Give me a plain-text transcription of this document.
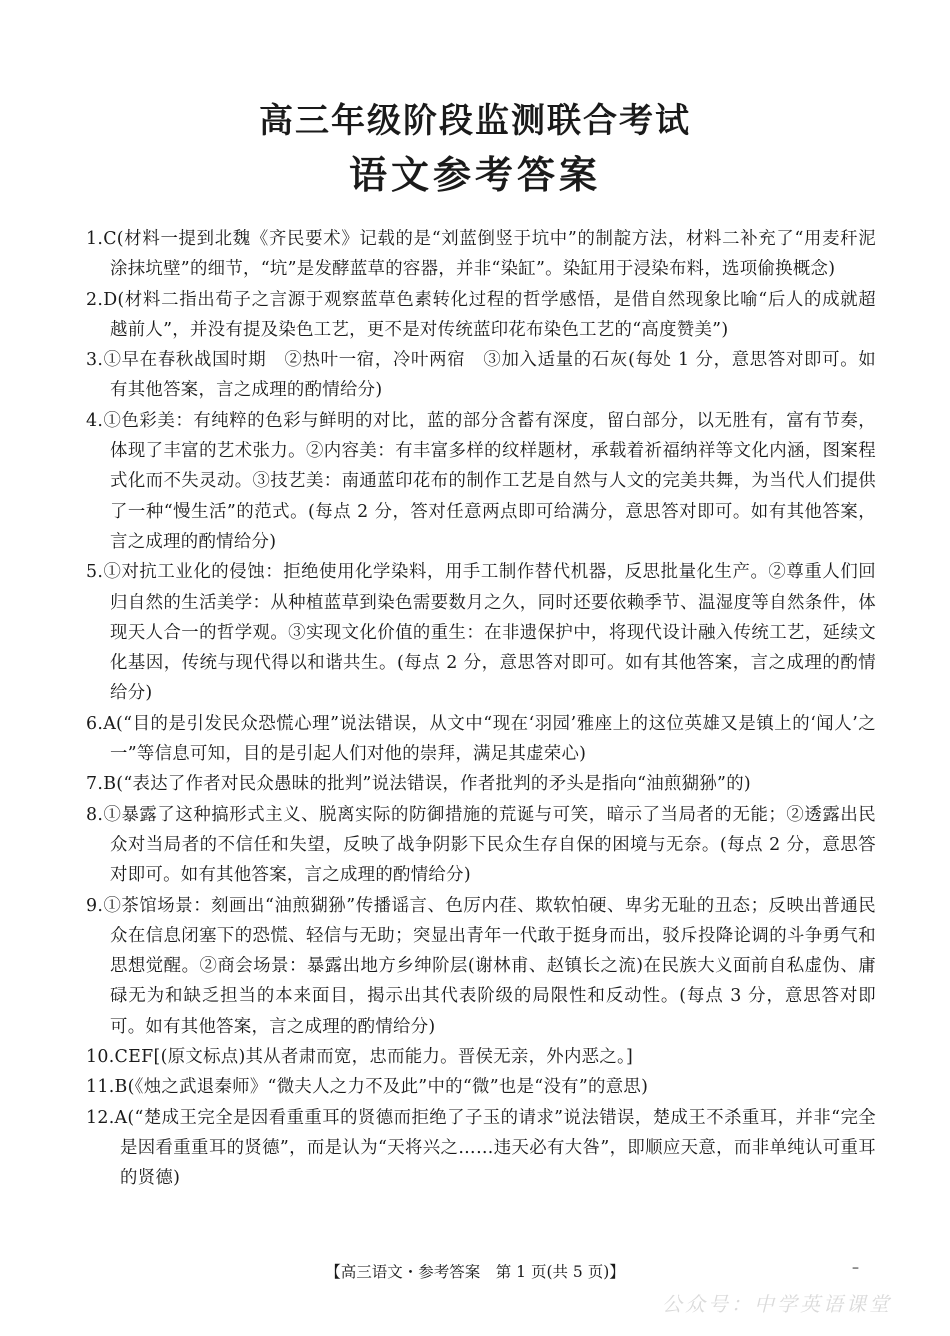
高三年级阶段监测联合考试
语文参考答案

1.C(材料一提到北魏《齐民要术》记载的是“刘蓝倒竖于坑中”的制靛方法，材料二补充了“用麦秆泥涂抹坑壁”的细节，“坑”是发酵蓝草的容器，并非“染缸”。染缸用于浸染布料，选项偷换概念)

2.D(材料二指出荀子之言源于观察蓝草色素转化过程的哲学感悟，是借自然现象比喻“后人的成就超越前人”，并没有提及染色工艺，更不是对传统蓝印花布染色工艺的“高度赞美”)

3.①早在春秋战国时期　②热叶一宿，冷叶两宿　③加入适量的石灰(每处 1 分，意思答对即可。如有其他答案，言之成理的酌情给分)

4.①色彩美：有纯粹的色彩与鲜明的对比，蓝的部分含蓄有深度，留白部分，以无胜有，富有节奏，体现了丰富的艺术张力。②内容美：有丰富多样的纹样题材，承载着祈福纳祥等文化内涵，图案程式化而不失灵动。③技艺美：南通蓝印花布的制作工艺是自然与人文的完美共舞，为当代人们提供了一种“慢生活”的范式。(每点 2 分，答对任意两点即可给满分，意思答对即可。如有其他答案，言之成理的酌情给分)

5.①对抗工业化的侵蚀：拒绝使用化学染料，用手工制作替代机器，反思批量化生产。②尊重人们回归自然的生活美学：从种植蓝草到染色需要数月之久，同时还要依赖季节、温湿度等自然条件，体现天人合一的哲学观。③实现文化价值的重生：在非遗保护中，将现代设计融入传统工艺，延续文化基因，传统与现代得以和谐共生。(每点 2 分，意思答对即可。如有其他答案，言之成理的酌情给分)

6.A(“目的是引发民众恐慌心理”说法错误，从文中“现在‘羽园’雅座上的这位英雄又是镇上的‘闻人’之一”等信息可知，目的是引起人们对他的崇拜，满足其虚荣心)

7.B(“表达了作者对民众愚昧的批判”说法错误，作者批判的矛头是指向“油煎猢狲”的)

8.①暴露了这种搞形式主义、脱离实际的防御措施的荒诞与可笑，暗示了当局者的无能；②透露出民众对当局者的不信任和失望，反映了战争阴影下民众生存自保的困境与无奈。(每点 2 分，意思答对即可。如有其他答案，言之成理的酌情给分)

9.①茶馆场景：刻画出“油煎猢狲”传播谣言、色厉内荏、欺软怕硬、卑劣无耻的丑态；反映出普通民众在信息闭塞下的恐慌、轻信与无助；突显出青年一代敢于挺身而出，驳斥投降论调的斗争勇气和思想觉醒。②商会场景：暴露出地方乡绅阶层(谢林甫、赵镇长之流)在民族大义面前自私虚伪、庸碌无为和缺乏担当的本来面目，揭示出其代表阶级的局限性和反动性。(每点 3 分，意思答对即可。如有其他答案，言之成理的酌情给分)

10.CEF[(原文标点)其从者肃而宽，忠而能力。晋侯无亲，外内恶之。]

11.B(《烛之武退秦师》“微夫人之力不及此”中的“微”也是“没有”的意思)

12.A(“楚成王完全是因看重重耳的贤德而拒绝了子玉的请求”说法错误，楚成王不杀重耳，并非“完全是因看重重耳的贤德”，而是认为“天将兴之……违天必有大咎”，即顺应天意，而非单纯认可重耳的贤德)

【高三语文・参考答案　第 1 页(共 5 页)】	–
公众号：中学英语课堂
